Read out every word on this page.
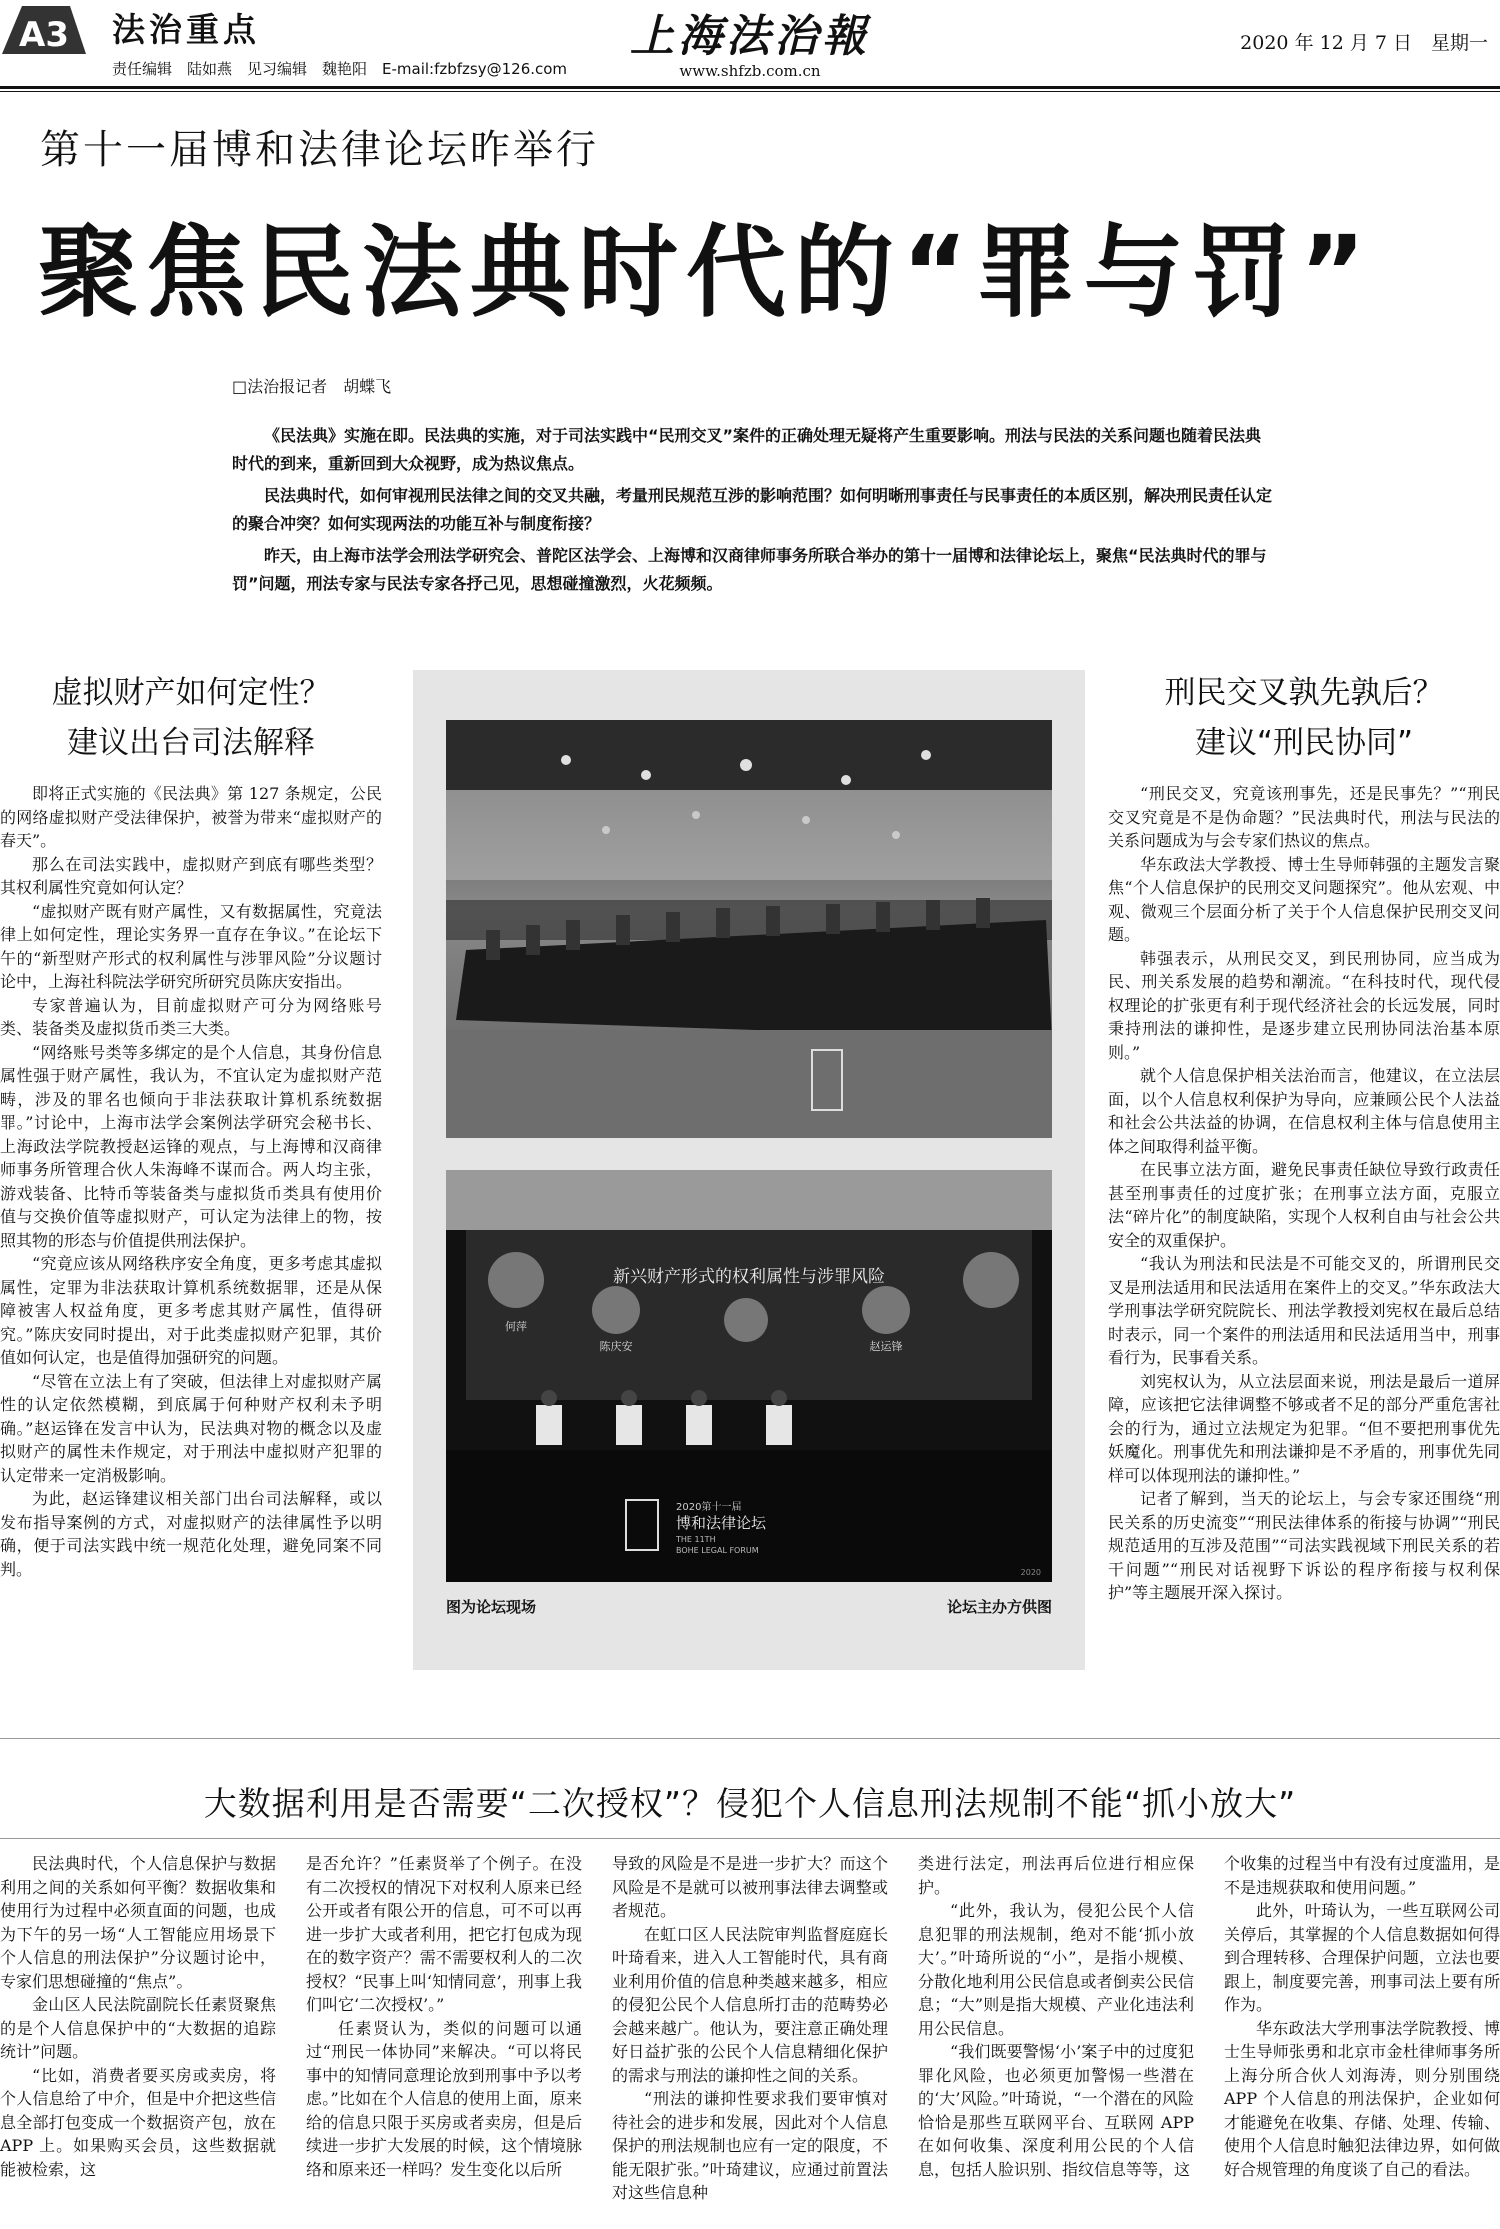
A3 法治重点
责任编辑　陆如燕　见习编辑　魏艳阳　E-mail:fzbfzsy@126.com
上海法治報
www.shfzb.com.cn
2020 年 12 月 7 日　星期一
第十一届博和法律论坛昨举行
聚焦民法典时代的“罪与罚”
□法治报记者　胡蝶飞

《民法典》实施在即。民法典的实施，对于司法实践中“民刑交叉”案件的正确处理无疑将产生重要影响。刑法与民法的关系问题也随着民法典时代的到来，重新回到大众视野，成为热议焦点。

民法典时代，如何审视刑民法律之间的交叉共融，考量刑民规范互涉的影响范围？如何明晰刑事责任与民事责任的本质区别，解决刑民责任认定的聚合冲突？如何实现两法的功能互补与制度衔接？

昨天，由上海市法学会刑法学研究会、普陀区法学会、上海博和汉商律师事务所联合举办的第十一届博和法律论坛上，聚焦“民法典时代的罪与罚”问题，刑法专家与民法专家各抒己见，思想碰撞激烈，火花频频。

虚拟财产如何定性？
建议出台司法解释

即将正式实施的《民法典》第 127 条规定，公民的网络虚拟财产受法律保护，被誉为带来“虚拟财产的春天”。

那么在司法实践中，虚拟财产到底有哪些类型？其权利属性究竟如何认定？

“虚拟财产既有财产属性，又有数据属性，究竟法律上如何定性，理论实务界一直存在争议。”在论坛下午的“新型财产形式的权利属性与涉罪风险”分议题讨论中，上海社科院法学研究所研究员陈庆安指出。

专家普遍认为，目前虚拟财产可分为网络账号类、装备类及虚拟货币类三大类。

“网络账号类等多绑定的是个人信息，其身份信息属性强于财产属性，我认为，不宜认定为虚拟财产范畴，涉及的罪名也倾向于非法获取计算机系统数据罪。”讨论中，上海市法学会案例法学研究会秘书长、上海政法学院教授赵运锋的观点，与上海博和汉商律师事务所管理合伙人朱海峰不谋而合。两人均主张，游戏装备、比特币等装备类与虚拟货币类具有使用价值与交换价值等虚拟财产，可认定为法律上的物，按照其物的形态与价值提供刑法保护。

“究竟应该从网络秩序安全角度，更多考虑其虚拟属性，定罪为非法获取计算机系统数据罪，还是从保障被害人权益角度，更多考虑其财产属性，值得研究。”陈庆安同时提出，对于此类虚拟财产犯罪，其价值如何认定，也是值得加强研究的问题。

“尽管在立法上有了突破，但法律上对虚拟财产属性的认定依然模糊，到底属于何种财产权利未予明确。”赵运锋在发言中认为，民法典对物的概念以及虚拟财产的属性未作规定，对于刑法中虚拟财产犯罪的认定带来一定消极影响。

为此，赵运锋建议相关部门出台司法解释，或以发布指导案例的方式，对虚拟财产的法律属性予以明确，便于司法实践中统一规范化处理，避免同案不同判。

新兴财产形式的权利属性与涉罪风险
何萍
陈庆安	赵运锋
2020第十一届
博和法律论坛
THE 11TH
BOHE LEGAL FORUM
2020
图为论坛现场	论坛主办方供图
刑民交叉孰先孰后？
建议“刑民协同”

“刑民交叉，究竟该刑事先，还是民事先？”“刑民交叉究竟是不是伪命题？”民法典时代，刑法与民法的关系问题成为与会专家们热议的焦点。

华东政法大学教授、博士生导师韩强的主题发言聚焦“个人信息保护的民刑交叉问题探究”。他从宏观、中观、微观三个层面分析了关于个人信息保护民刑交叉问题。

韩强表示，从刑民交叉，到民刑协同，应当成为民、刑关系发展的趋势和潮流。“在科技时代，现代侵权理论的扩张更有利于现代经济社会的长远发展，同时秉持刑法的谦抑性，是逐步建立民刑协同法治基本原则。”

就个人信息保护相关法治而言，他建议，在立法层面，以个人信息权利保护为导向，应兼顾公民个人法益和社会公共法益的协调，在信息权利主体与信息使用主体之间取得利益平衡。

在民事立法方面，避免民事责任缺位导致行政责任甚至刑事责任的过度扩张；在刑事立法方面，克服立法“碎片化”的制度缺陷，实现个人权利自由与社会公共安全的双重保护。

“我认为刑法和民法是不可能交叉的，所谓刑民交叉是刑法适用和民法适用在案件上的交叉。”华东政法大学刑事法学研究院院长、刑法学教授刘宪权在最后总结时表示，同一个案件的刑法适用和民法适用当中，刑事看行为，民事看关系。

刘宪权认为，从立法层面来说，刑法是最后一道屏障，应该把它法律调整不够或者不足的部分严重危害社会的行为，通过立法规定为犯罪。“但不要把刑事优先妖魔化。刑事优先和刑法谦抑是不矛盾的，刑事优先同样可以体现刑法的谦抑性。”

记者了解到，当天的论坛上，与会专家还围绕“刑民关系的历史流变”“刑民法律体系的衔接与协调”“刑民规范适用的互涉及范围”“司法实践视域下刑民关系的若干问题”“刑民对话视野下诉讼的程序衔接与权利保护”等主题展开深入探讨。

大数据利用是否需要“二次授权”？侵犯个人信息刑法规制不能“抓小放大”

民法典时代，个人信息保护与数据利用之间的关系如何平衡？数据收集和使用行为过程中必须直面的问题，也成为下午的另一场“人工智能应用场景下个人信息的刑法保护”分议题讨论中，专家们思想碰撞的“焦点”。

金山区人民法院副院长任素贤聚焦的是个人信息保护中的“大数据的追踪统计”问题。

“比如，消费者要买房或卖房，将个人信息给了中介，但是中介把这些信息全部打包变成一个数据资产包，放在 APP 上。如果购买会员，这些数据就能被检索，这

是否允许？”任素贤举了个例子。在没有二次授权的情况下对权利人原来已经公开或者有限公开的信息，可不可以再进一步扩大或者利用，把它打包成为现在的数字资产？需不需要权利人的二次授权？“民事上叫‘知情同意’，刑事上我们叫它‘二次授权’。”

任素贤认为，类似的问题可以通过“刑民一体协同”来解决。“可以将民事中的知情同意理论放到刑事中予以考虑。”比如在个人信息的使用上面，原来给的信息只限于买房或者卖房，但是后续进一步扩大发展的时候，这个情境脉络和原来还一样吗？发生变化以后所

导致的风险是不是进一步扩大？而这个风险是不是就可以被刑事法律去调整或者规范。

在虹口区人民法院审判监督庭庭长叶琦看来，进入人工智能时代，具有商业利用价值的信息种类越来越多，相应的侵犯公民个人信息所打击的范畴势必会越来越广。他认为，要注意正确处理好日益扩张的公民个人信息精细化保护的需求与刑法的谦抑性之间的关系。

“刑法的谦抑性要求我们要审慎对待社会的进步和发展，因此对个人信息保护的刑法规制也应有一定的限度，不能无限扩张。”叶琦建议，应通过前置法对这些信息种

类进行法定，刑法再后位进行相应保护。

“此外，我认为，侵犯公民个人信息犯罪的刑法规制，绝对不能‘抓小放大’。”叶琦所说的“小”，是指小规模、分散化地利用公民信息或者倒卖公民信息；“大”则是指大规模、产业化违法利用公民信息。

“我们既要警惕‘小’案子中的过度犯罪化风险，也必须更加警惕一些潜在的‘大’风险。”叶琦说，“一个潜在的风险恰恰是那些互联网平台、互联网 APP 在如何收集、深度利用公民的个人信息，包括人脸识别、指纹信息等等，这

个收集的过程当中有没有过度滥用，是不是违规获取和使用问题。”

此外，叶琦认为，一些互联网公司关停后，其掌握的个人信息数据如何得到合理转移、合理保护问题，立法也要跟上，制度要完善，刑事司法上要有所作为。

华东政法大学刑事法学院教授、博士生导师张勇和北京市金杜律师事务所上海分所合伙人刘海涛，则分别围绕 APP 个人信息的刑法保护，企业如何才能避免在收集、存储、处理、传输、使用个人信息时触犯法律边界，如何做好合规管理的角度谈了自己的看法。
